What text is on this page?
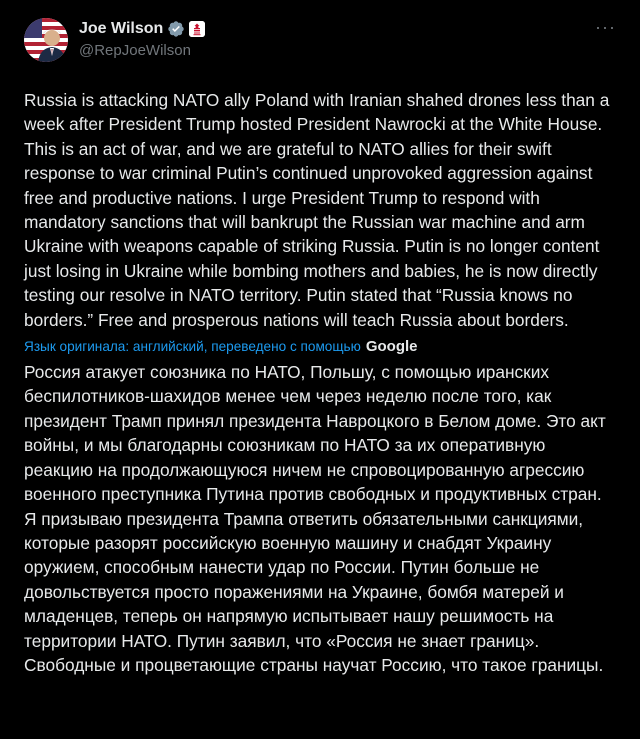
Joe Wilson
@RepJoeWilson
···
Russia is attacking NATO ally Poland with Iranian shahed drones less than a week after President Trump hosted President Nawrocki at the White House. This is an act of war, and we are grateful to NATO allies for their swift response to war criminal Putin’s continued unprovoked aggression against free and productive nations. I urge President Trump to respond with mandatory sanctions that will bankrupt the Russian war machine and arm Ukraine with weapons capable of striking Russia. Putin is no longer content just losing in Ukraine while bombing mothers and babies, he is now directly testing our resolve in NATO territory. Putin stated that “Russia knows no borders.” Free and prosperous nations will teach Russia about borders.
Язык оригинала: английский, переведено с помощью Google
Россия атакует союзника по НАТО, Польшу, с помощью иранских беспилотников-шахидов менее чем через неделю после того, как президент Трамп принял президента Навроцкого в Белом доме. Это акт войны, и мы благодарны союзникам по НАТО за их оперативную реакцию на продолжающуюся ничем не спровоцированную агрессию военного преступника Путина против свободных и продуктивных стран. Я призываю президента Трампа ответить обязательными санкциями, которые разорят российскую военную машину и снабдят Украину оружием, способным нанести удар по России. Путин больше не довольствуется просто поражениями на Украине, бомбя матерей и младенцев, теперь он напрямую испытывает нашу решимость на территории НАТО. Путин заявил, что «Россия не знает границ». Свободные и процветающие страны научат Россию, что такое границы.
